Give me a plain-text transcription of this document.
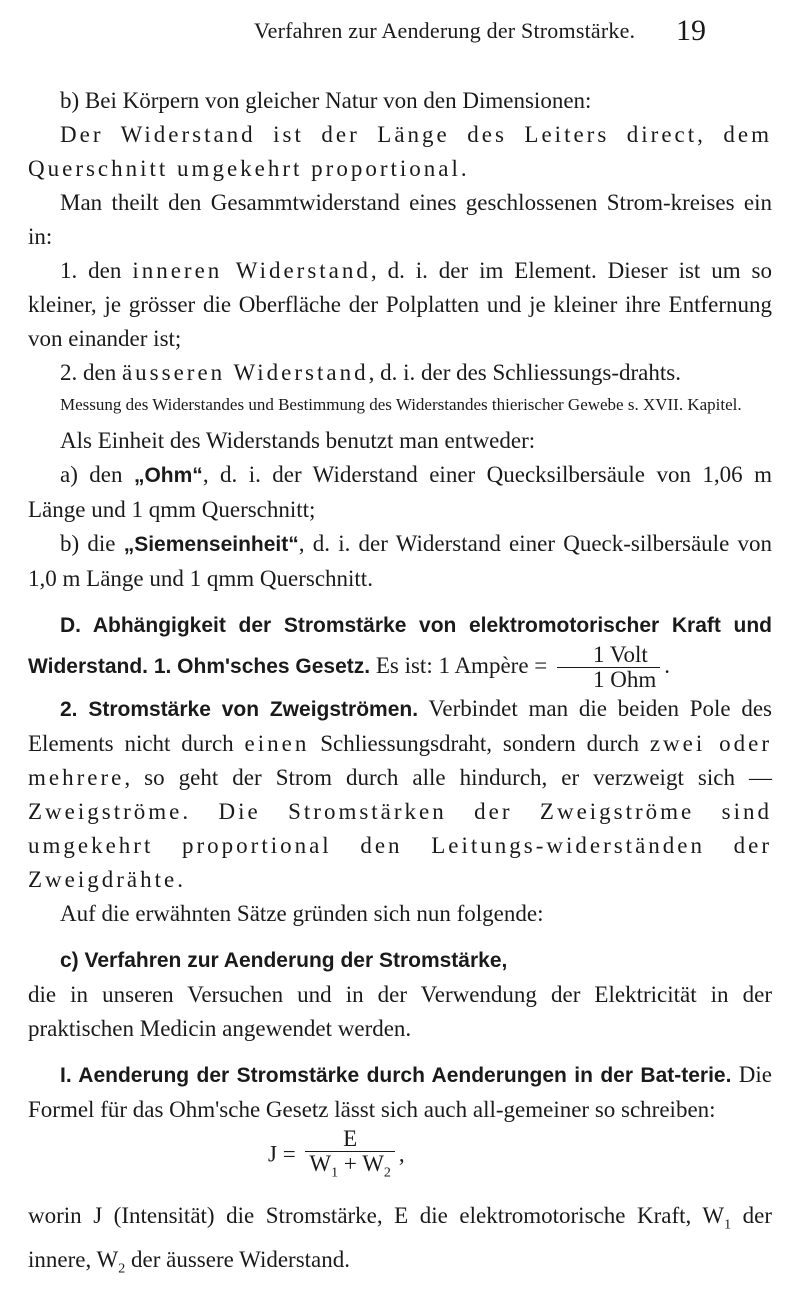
Verfahren zur Aenderung der Stromstärke. 19

b) Bei Körpern von gleicher Natur von den Dimensionen:

Der Widerstand ist der Länge des Leiters direct, dem Querschnitt umgekehrt proportional.

Man theilt den Gesammtwiderstand eines geschlossenen Strom-kreises ein in:

1. den inneren Widerstand, d. i. der im Element. Dieser ist um so kleiner, je grösser die Oberfläche der Polplatten und je kleiner ihre Entfernung von einander ist;

2. den äusseren Widerstand, d. i. der des Schliessungs-drahts.

Messung des Widerstandes und Bestimmung des Widerstandes thierischer Gewebe s. XVII. Kapitel.

Als Einheit des Widerstands benutzt man entweder:

a) den „Ohm“, d. i. der Widerstand einer Quecksilbersäule von 1,06 m Länge und 1 qmm Querschnitt;

b) die „Siemenseinheit“, d. i. der Widerstand einer Queck-silbersäule von 1,0 m Länge und 1 qmm Querschnitt.

D. Abhängigkeit der Stromstärke von elektromotorischer Kraft und Widerstand. 1. Ohm'sches Gesetz. Es ist: 1 Ampère = $\frac{\text{1 Volt}}{\text{1 Ohm}}$ .

2. Stromstärke von Zweigströmen. Verbindet man die beiden Pole des Elements nicht durch einen Schliessungsdraht, sondern durch zwei oder mehrere, so geht der Strom durch alle hindurch, er verzweigt sich — Zweigströme. Die Stromstärken der Zweigströme sind umgekehrt proportional den Leitungs-widerständen der Zweigdrähte.

Auf die erwähnten Sätze gründen sich nun folgende:

c) Verfahren zur Aenderung der Stromstärke,

die in unseren Versuchen und in der Verwendung der Elektricität in der praktischen Medicin angewendet werden.

I. Aenderung der Stromstärke durch Aenderungen in der Bat-terie. Die Formel für das Ohm'sche Gesetz lässt sich auch all-gemeiner so schreiben:

$J = \frac{E}{W_1 + W_2}$ ,

worin J (Intensität) die Stromstärke, E die elektromotorische Kraft, $W_1$ der innere, $W_2$ der äussere Widerstand.
